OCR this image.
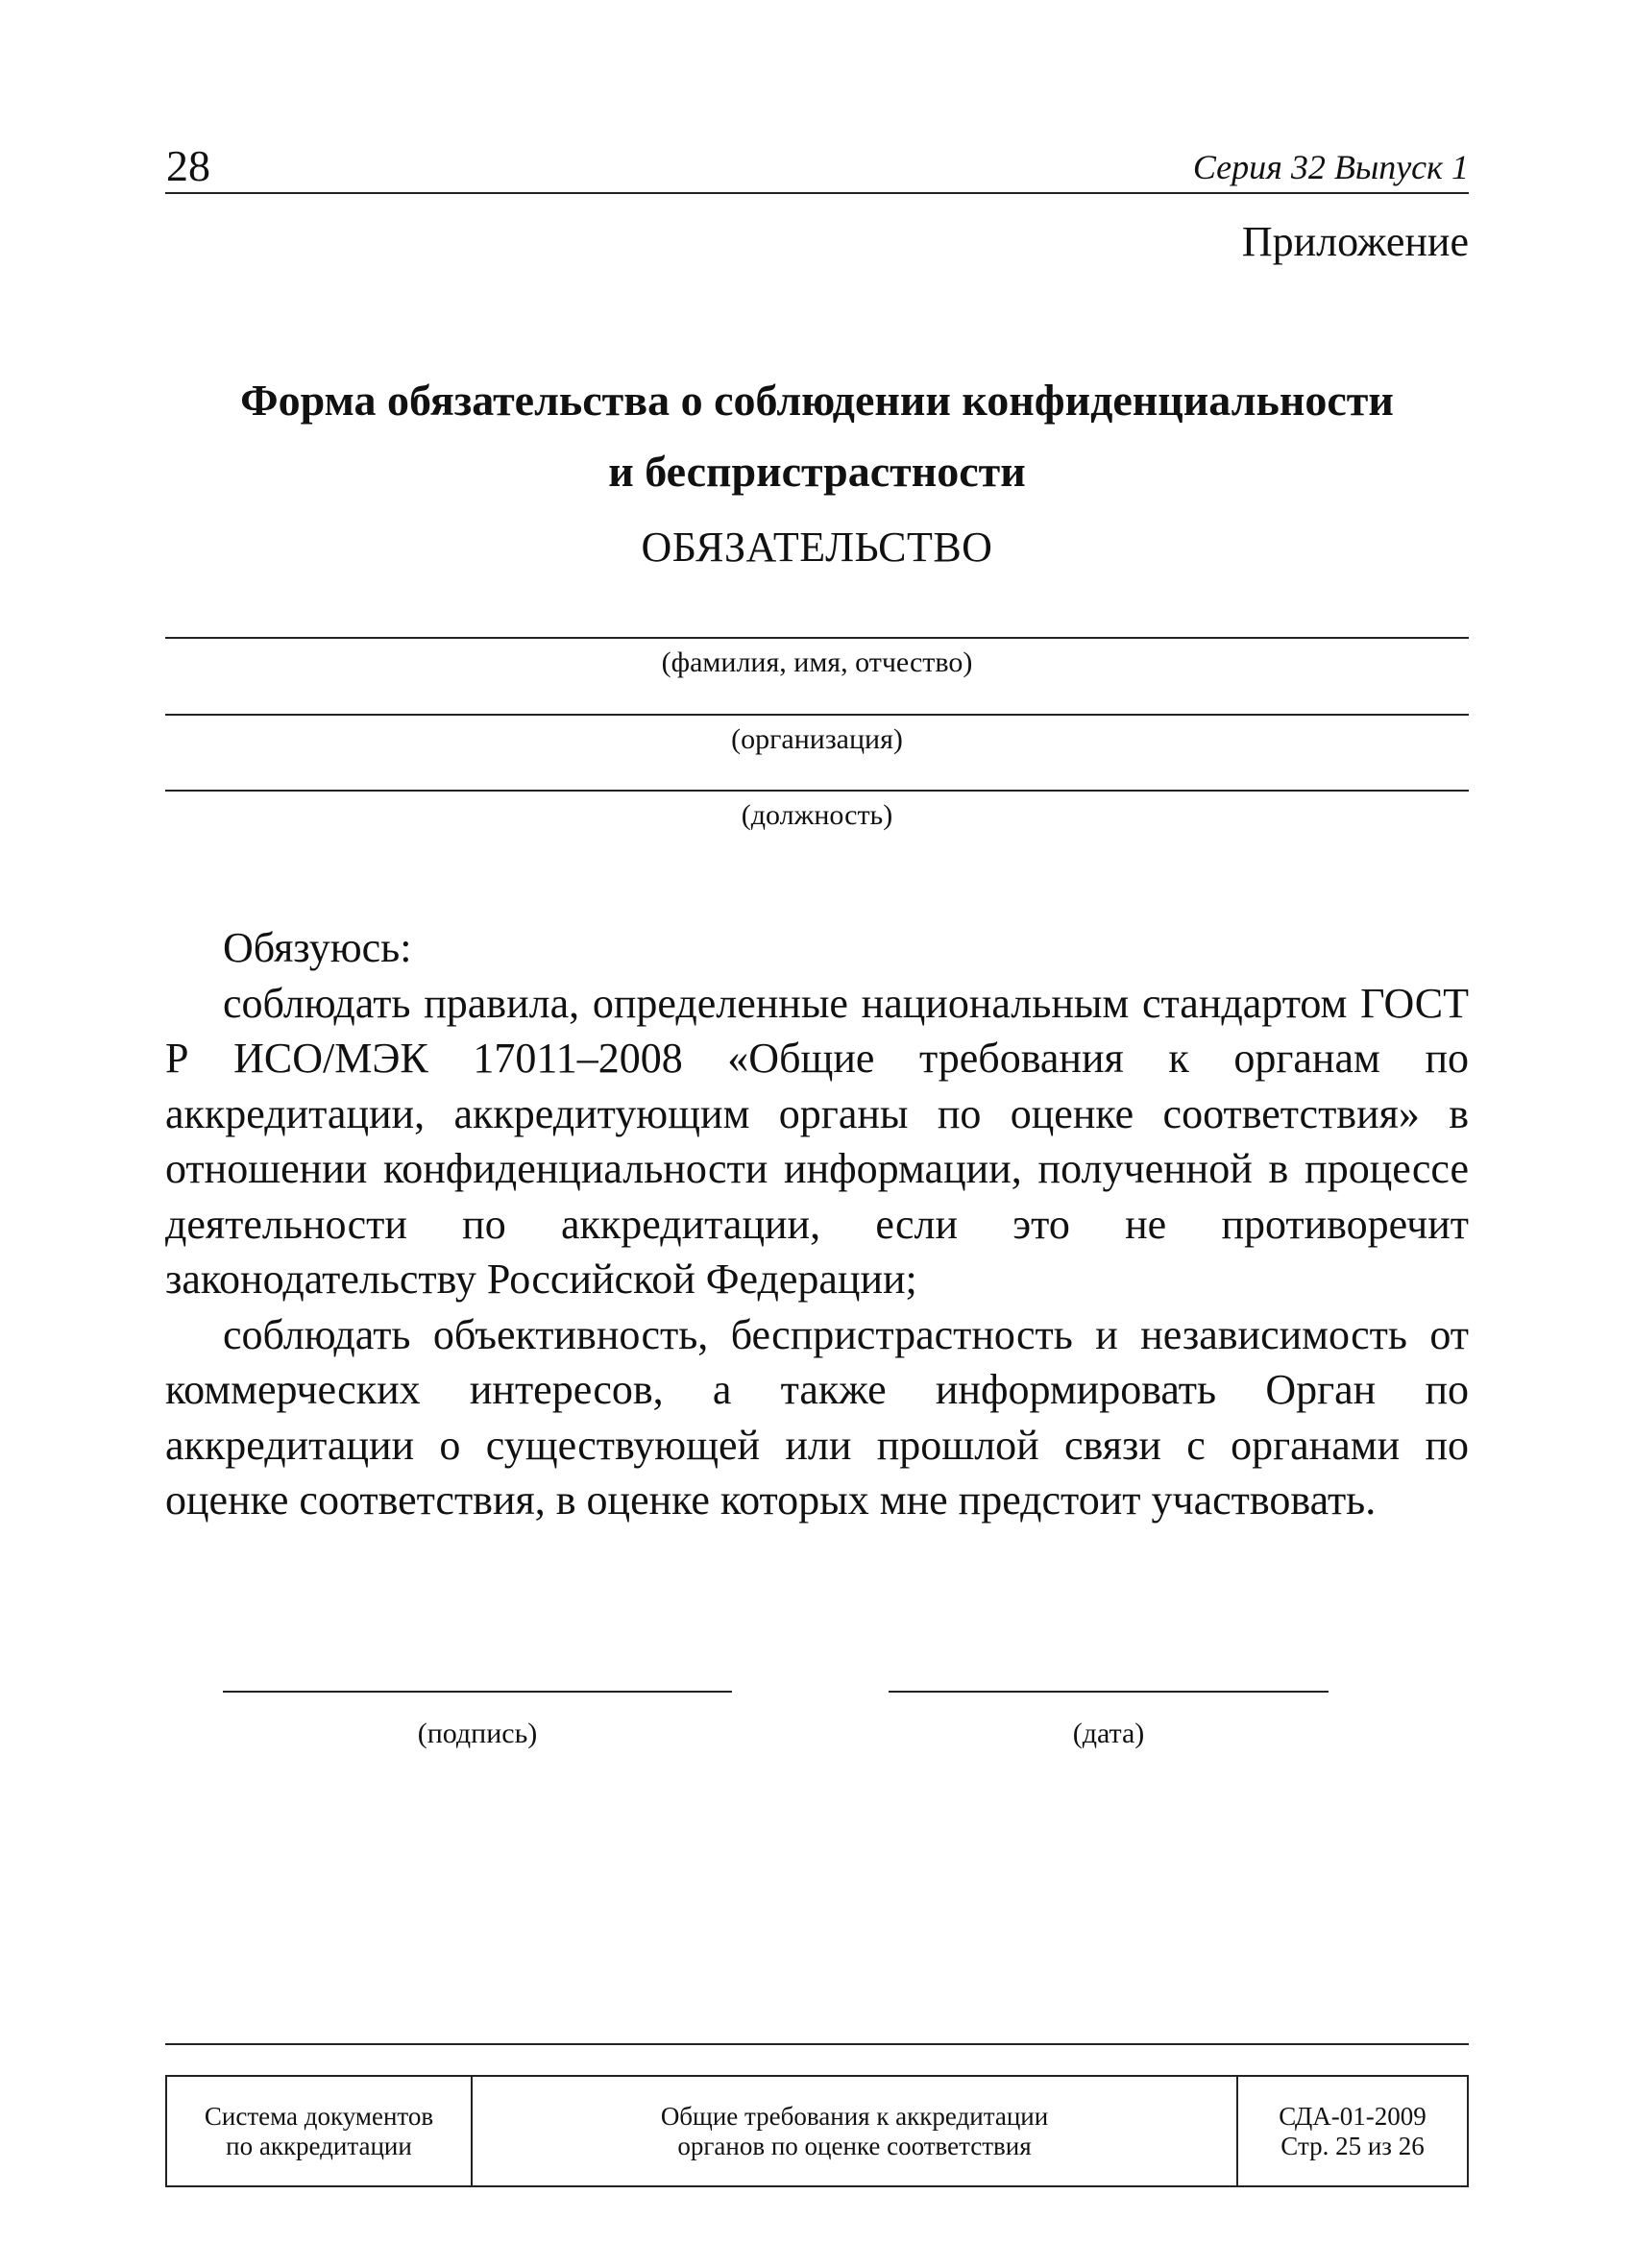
28	Серия 32 Выпуск 1
Приложение
Форма обязательства о соблюдении конфиденциальности
и беспристрастности
ОБЯЗАТЕЛЬСТВО
(фамилия, имя, отчество)
(организация)
(должность)

Обязуюсь:

соблюдать правила, определенные национальным стандартом ГОСТ Р ИСО/МЭК 17011–2008 «Общие требования к органам по аккредитации, аккредитующим органы по оценке соответствия» в отношении конфиденциальности информации, полученной в процессе деятельности по аккредитации, если это не противоречит законодательству Российской Федерации;

соблюдать объективность, беспристрастность и независимость от коммерческих интересов, а также информировать Орган по аккредитации о существующей или прошлой связи с органами по оценке соответствия, в оценке которых мне предстоит участвовать.

(подпись)	(дата)
Система документов
по аккредитации
Общие требования к аккредитации
органов по оценке соответствия
СДА-01-2009
Стр. 25 из 26
